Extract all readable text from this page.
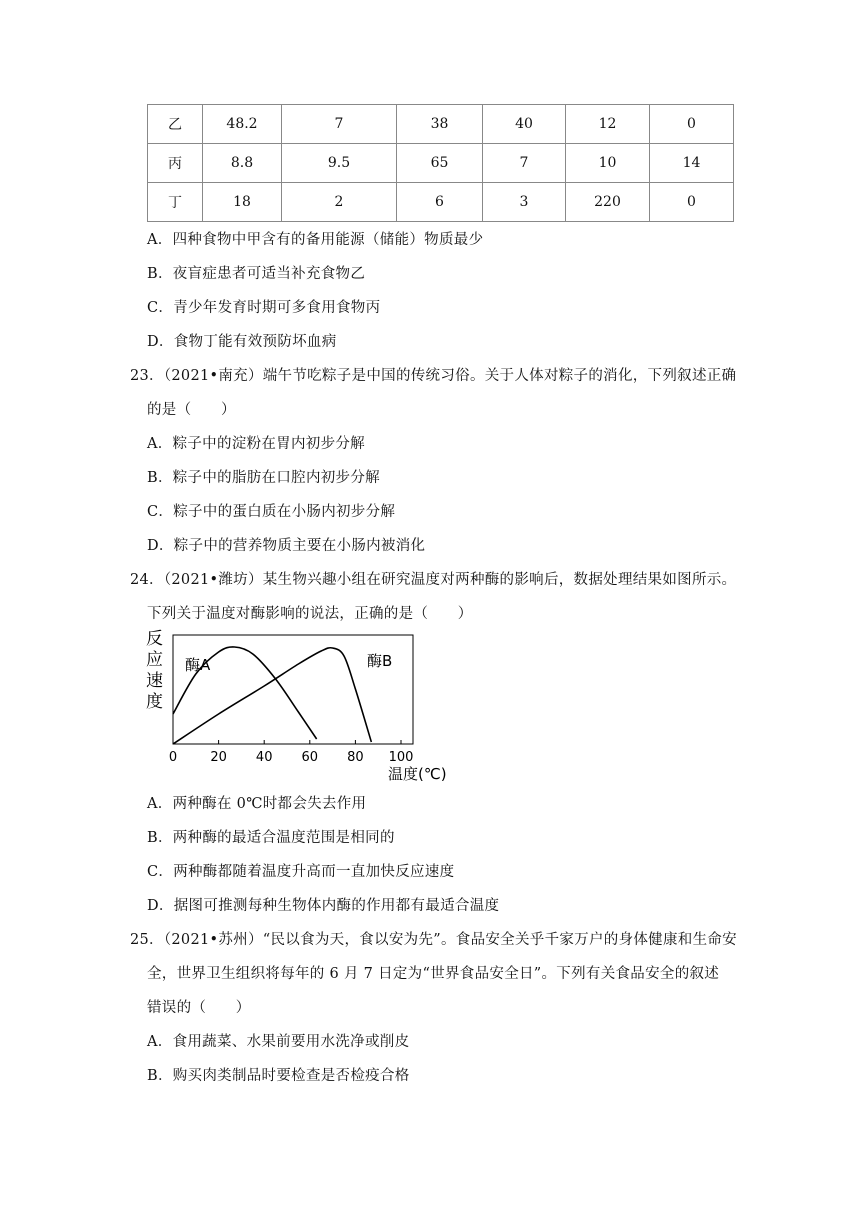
乙	48.2	7	38	40	12	0
丙	8.8	9.5	65	7	10	14
丁	18	2	6	3	220	0
A．四种食物中甲含有的备用能源（储能）物质最少
B．夜盲症患者可适当补充食物乙
C．青少年发育时期可多食用食物丙
D．食物丁能有效预防坏血病
23．（2021•南充）端午节吃粽子是中国的传统习俗。关于人体对粽子的消化，下列叙述正确
的是（　　）
A．粽子中的淀粉在胃内初步分解
B．粽子中的脂肪在口腔内初步分解
C．粽子中的蛋白质在小肠内初步分解
D．粽子中的营养物质主要在小肠内被消化
24．（2021•潍坊）某生物兴趣小组在研究温度对两种酶的影响后，数据处理结果如图所示。
下列关于温度对酶影响的说法，正确的是（　　）
反
应
速
度
0	20 40 60 80 100
酶A	酶B
温度(℃)
A．两种酶在 0℃时都会失去作用
B．两种酶的最适合温度范围是相同的
C．两种酶都随着温度升高而一直加快反应速度
D．据图可推测每种生物体内酶的作用都有最适合温度
25．（2021•苏州）“民以食为天，食以安为先”。食品安全关乎千家万户的身体健康和生命安
全，世界卫生组织将每年的 6 月 7 日定为“世界食品安全日”。下列有关食品安全的叙述
错误的（　　）
A．食用蔬菜、水果前要用水洗净或削皮
B．购买肉类制品时要检查是否检疫合格
